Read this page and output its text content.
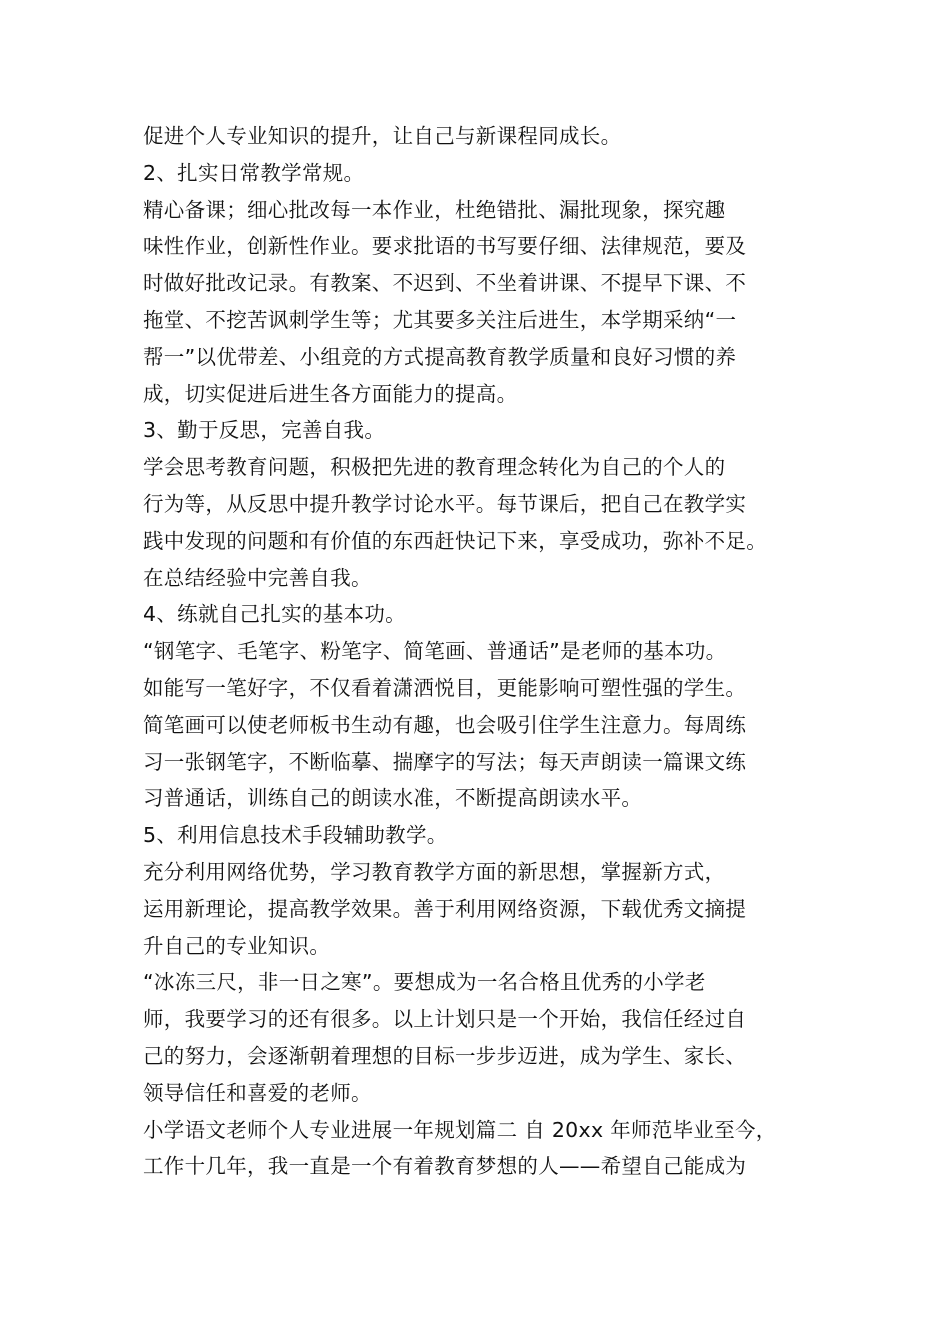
促进个人专业知识的提升，让自己与新课程同成长。
2、扎实日常教学常规。
精心备课；细心批改每一本作业，杜绝错批、漏批现象，探究趣
味性作业，创新性作业。要求批语的书写要仔细、法律规范，要及
时做好批改记录。有教案、不迟到、不坐着讲课、不提早下课、不
拖堂、不挖苦讽刺学生等；尤其要多关注后进生，本学期采纳“一
帮一”以优带差、小组竞的方式提高教育教学质量和良好习惯的养
成，切实促进后进生各方面能力的提高。
3、勤于反思，完善自我。
学会思考教育问题，积极把先进的教育理念转化为自己的个人的
行为等，从反思中提升教学讨论水平。每节课后，把自己在教学实
践中发现的问题和有价值的东西赶快记下来，享受成功，弥补不足。
在总结经验中完善自我。
4、练就自己扎实的基本功。
“钢笔字、毛笔字、粉笔字、简笔画、普通话”是老师的基本功。
如能写一笔好字，不仅看着潇洒悦目，更能影响可塑性强的学生。
简笔画可以使老师板书生动有趣，也会吸引住学生注意力。每周练
习一张钢笔字，不断临摹、揣摩字的写法；每天声朗读一篇课文练
习普通话，训练自己的朗读水准，不断提高朗读水平。
5、利用信息技术手段辅助教学。
充分利用网络优势，学习教育教学方面的新思想，掌握新方式，
运用新理论，提高教学效果。善于利用网络资源，下载优秀文摘提
升自己的专业知识。
“冰冻三尺，非一日之寒”。要想成为一名合格且优秀的小学老
师，我要学习的还有很多。以上计划只是一个开始，我信任经过自
己的努力，会逐渐朝着理想的目标一步步迈进，成为学生、家长、
领导信任和喜爱的老师。
小学语文老师个人专业进展一年规划篇二 自 20xx 年师范毕业至今，
工作十几年，我一直是一个有着教育梦想的人——希望自己能成为
